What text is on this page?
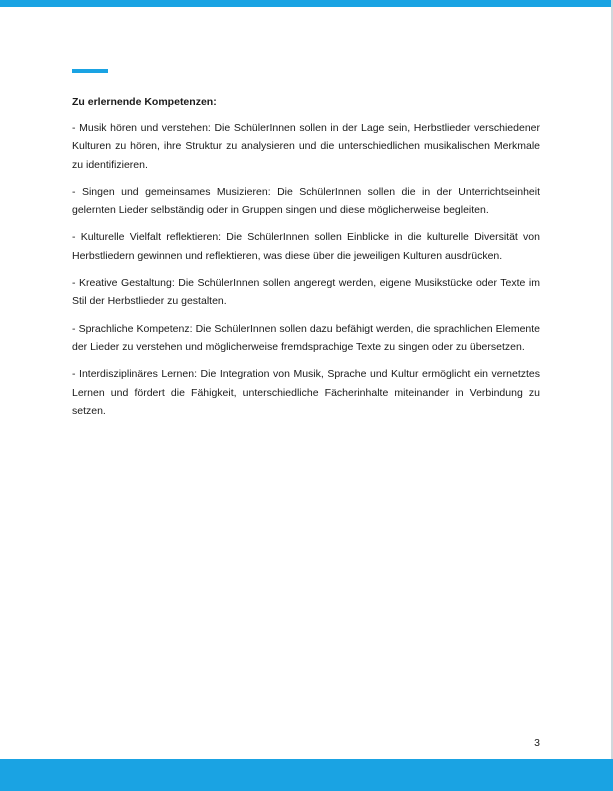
Zu erlernende Kompetenzen:

- Musik hören und verstehen: Die SchülerInnen sollen in der Lage sein, Herbstlieder verschiedener Kulturen zu hören, ihre Struktur zu analysieren und die unterschiedlichen musikalischen Merkmale zu identifizieren.

- Singen und gemeinsames Musizieren: Die SchülerInnen sollen die in der Unterrichtseinheit gelernten Lieder selbständig oder in Gruppen singen und diese möglicherweise begleiten.

- Kulturelle Vielfalt reflektieren: Die SchülerInnen sollen Einblicke in die kulturelle Diversität von Herbstliedern gewinnen und reflektieren, was diese über die jeweiligen Kulturen ausdrücken.

- Kreative Gestaltung: Die SchülerInnen sollen angeregt werden, eigene Musikstücke oder Texte im Stil der Herbstlieder zu gestalten.

- Sprachliche Kompetenz: Die SchülerInnen sollen dazu befähigt werden, die sprachlichen Elemente der Lieder zu verstehen und möglicherweise fremdsprachige Texte zu singen oder zu übersetzen.

- Interdisziplinäres Lernen: Die Integration von Musik, Sprache und Kultur ermöglicht ein vernetztes Lernen und fördert die Fähigkeit, unterschiedliche Fächerinhalte miteinander in Verbindung zu setzen.

3
